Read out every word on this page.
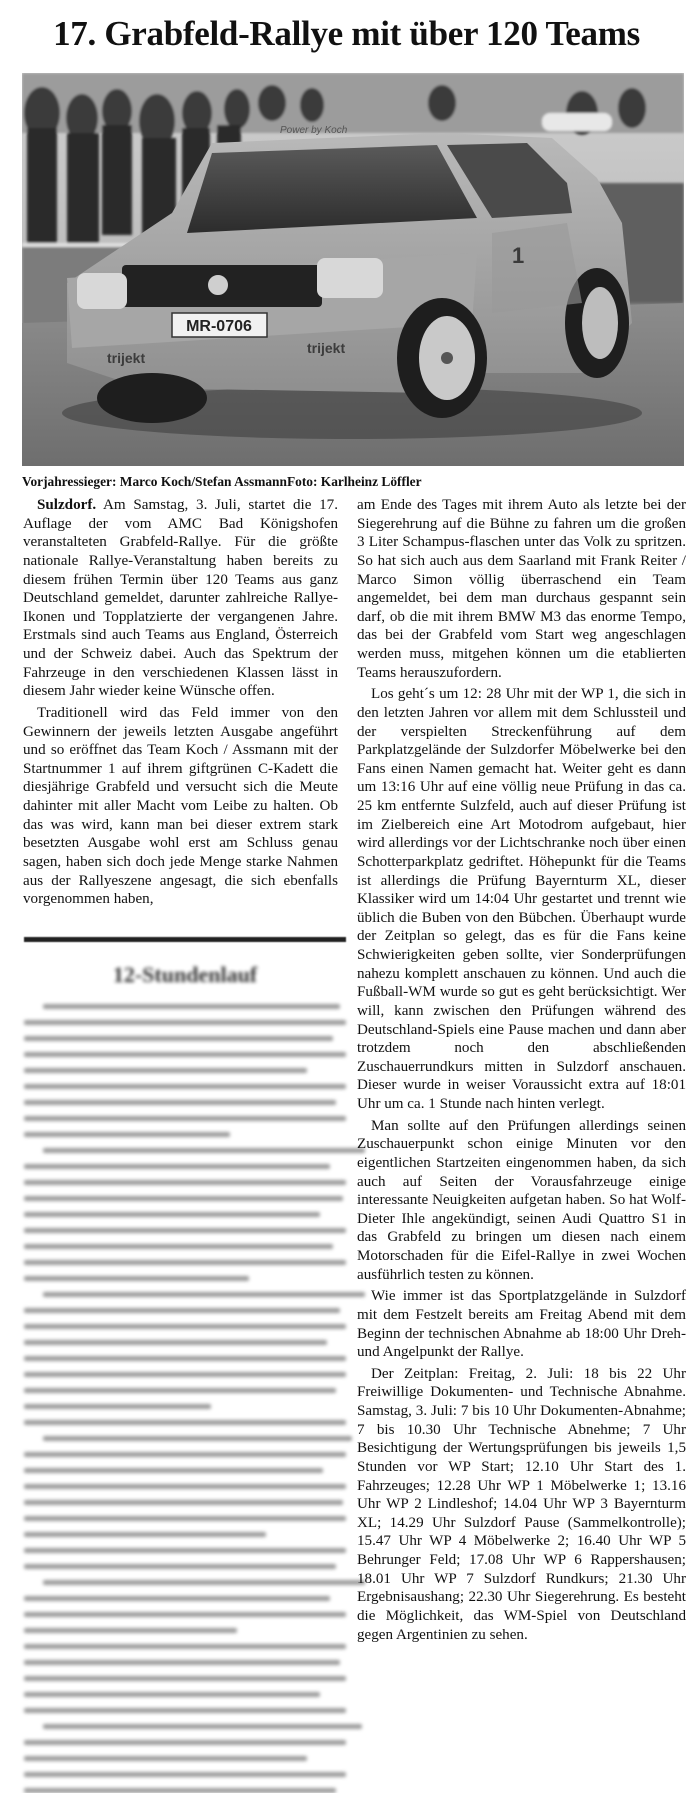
17. Grabfeld-Rallye mit über 120 Teams
MR-0706
trijekt
trijekt
Power by Koch
1
Vorjahressieger: Marco Koch/Stefan AssmannFoto: Karlheinz Löffler

Sulzdorf. Am Samstag, 3. Juli, startet die 17. Auflage der vom AMC Bad Königshofen veranstalteten Grabfeld-Rallye. Für die größte nationale Rallye-Veranstaltung haben bereits zu diesem frühen Termin über 120 Teams aus ganz Deutschland gemeldet, darunter zahlreiche Rallye-Ikonen und Topplatzierte der vergangenen Jahre. Erstmals sind auch Teams aus England, Österreich und der Schweiz dabei. Auch das Spektrum der Fahrzeuge in den verschiedenen Klassen lässt in diesem Jahr wieder keine Wünsche offen.

Traditionell wird das Feld immer von den Gewinnern der jeweils letzten Ausgabe angeführt und so eröffnet das Team Koch / Assmann mit der Startnummer 1 auf ihrem giftgrünen C-Kadett die diesjährige Grabfeld und versucht sich die Meute dahinter mit aller Macht vom Leibe zu halten. Ob das was wird, kann man bei dieser extrem stark besetzten Ausgabe wohl erst am Schluss genau sagen, haben sich doch jede Menge starke Nahmen aus der Rallyeszene angesagt, die sich ebenfalls vorgenommen haben,

12-Stundenlauf

am Ende des Tages mit ihrem Auto als letzte bei der Siegerehrung auf die Bühne zu fahren um die großen 3 Liter Schampus-flaschen unter das Volk zu spritzen. So hat sich auch aus dem Saarland mit Frank Reiter / Marco Simon völlig überraschend ein Team angemeldet, bei dem man durchaus gespannt sein darf, ob die mit ihrem BMW M3 das enorme Tempo, das bei der Grabfeld vom Start weg angeschlagen werden muss, mitgehen können um die etablierten Teams herauszufordern.

Los geht´s um 12: 28 Uhr mit der WP 1, die sich in den letzten Jahren vor allem mit dem Schlussteil und der verspielten Streckenführung auf dem Parkplatzgelände der Sulzdorfer Möbelwerke bei den Fans einen Namen gemacht hat. Weiter geht es dann um 13:16 Uhr auf eine völlig neue Prüfung in das ca. 25 km entfernte Sulzfeld, auch auf dieser Prüfung ist im Zielbereich eine Art Motodrom aufgebaut, hier wird allerdings vor der Lichtschranke noch über einen Schotterparkplatz gedriftet. Höhepunkt für die Teams ist allerdings die Prüfung Bayernturm XL, dieser Klassiker wird um 14:04 Uhr gestartet und trennt wie üblich die Buben von den Bübchen. Überhaupt wurde der Zeitplan so gelegt, das es für die Fans keine Schwierigkeiten geben sollte, vier Sonderprüfungen nahezu komplett anschauen zu können. Und auch die Fußball-WM wurde so gut es geht berücksichtigt. Wer will, kann zwischen den Prüfungen während des Deutschland-Spiels eine Pause machen und dann aber trotzdem noch den abschließenden Zuschauerrundkurs mitten in Sulzdorf anschauen. Dieser wurde in weiser Voraussicht extra auf 18:01 Uhr um ca. 1 Stunde nach hinten verlegt.

Man sollte auf den Prüfungen allerdings seinen Zuschauerpunkt schon einige Minuten vor den eigentlichen Startzeiten eingenommen haben, da sich auch auf Seiten der Vorausfahrzeuge einige interessante Neuigkeiten aufgetan haben. So hat Wolf-Dieter Ihle angekündigt, seinen Audi Quattro S1 in das Grabfeld zu bringen um diesen nach einem Motorschaden für die Eifel-Rallye in zwei Wochen ausführlich testen zu können.

Wie immer ist das Sportplatzgelände in Sulzdorf mit dem Festzelt bereits am Freitag Abend mit dem Beginn der technischen Abnahme ab 18:00 Uhr Dreh- und Angelpunkt der Rallye.

Der Zeitplan: Freitag, 2. Juli: 18 bis 22 Uhr Freiwillige Dokumenten- und Technische Abnahme. Samstag, 3. Juli: 7 bis 10 Uhr Dokumenten-Abnahme; 7 bis 10.30 Uhr Technische Abnehme; 7 Uhr Besichtigung der Wertungsprüfungen bis jeweils 1,5 Stunden vor WP Start; 12.10 Uhr Start des 1. Fahrzeuges; 12.28 Uhr WP 1 Möbelwerke 1; 13.16 Uhr WP 2 Lindleshof; 14.04 Uhr WP 3 Bayernturm XL; 14.29 Uhr Sulzdorf Pause (Sammelkontrolle); 15.47 Uhr WP 4 Möbelwerke 2; 16.40 Uhr WP 5 Behrunger Feld; 17.08 Uhr WP 6 Rappershausen; 18.01 Uhr WP 7 Sulzdorf Rundkurs; 21.30 Uhr Ergebnisaushang; 22.30 Uhr Siegerehrung. Es besteht die Möglichkeit, das WM-Spiel von Deutschland gegen Argentinien zu sehen.
